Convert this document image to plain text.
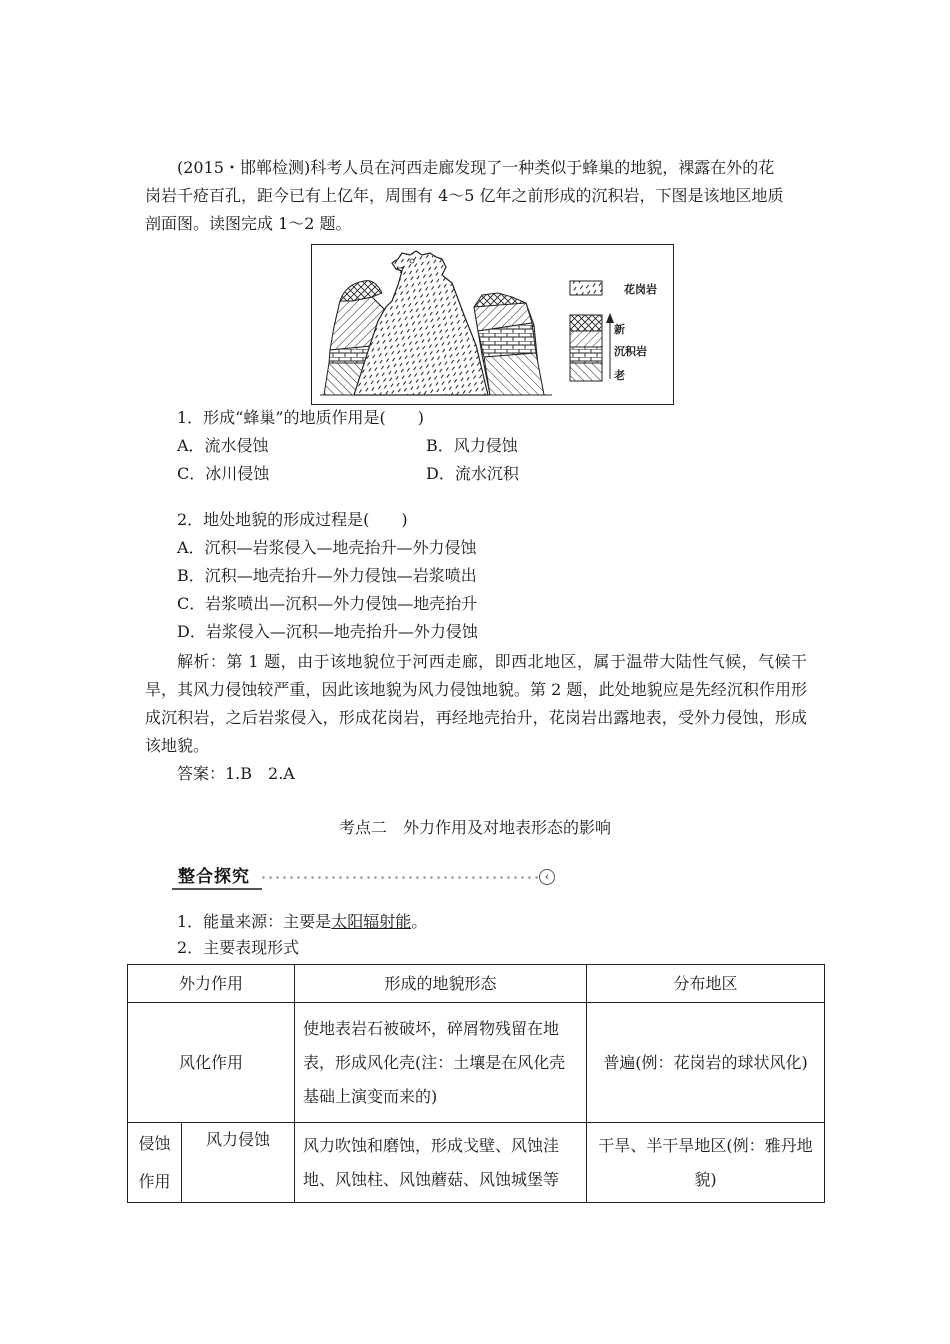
(2015・邯郸检测)科考人员在河西走廊发现了一种类似于蜂巢的地貌，裸露在外的花
岗岩千疮百孔，距今已有上亿年，周围有 4～5 亿年之前形成的沉积岩，下图是该地区地质
剖面图。读图完成 1～2 题。
花岗岩
新
沉积岩
老
1．形成“蜂巢”的地质作用是(　　)
A．流水侵蚀	B．风力侵蚀
C．冰川侵蚀	D．流水沉积
2．地处地貌的形成过程是(　　)
A．沉积—岩浆侵入—地壳抬升—外力侵蚀
B．沉积—地壳抬升—外力侵蚀—岩浆喷出
C．岩浆喷出—沉积—外力侵蚀—地壳抬升
D．岩浆侵入—沉积—地壳抬升—外力侵蚀
解析：第 1 题，由于该地貌位于河西走廊，即西北地区，属于温带大陆性气候，气候干旱，其风力侵蚀较严重，因此该地貌为风力侵蚀地貌。第 2 题，此处地貌应是先经沉积作用形成沉积岩，之后岩浆侵入，形成花岗岩，再经地壳抬升，花岗岩出露地表，受外力侵蚀，形成该地貌。
答案：1.B　2.A
考点二　外力作用及对地表形态的影响
整合探究	‹
1．能量来源：主要是太阳辐射能。
2．主要表现形式
外力作用		形成的地貌形态	分布地区
风化作用		使地表岩石被破坏，碎屑物残留在地表，形成风化壳(注：土壤是在风化壳基础上演变而来的)	普遍(例：花岗岩的球状风化)
侵蚀作用	风力侵蚀	风力吹蚀和磨蚀，形成戈壁、风蚀洼地、风蚀柱、风蚀蘑菇、风蚀城堡等	干旱、半干旱地区(例：雅丹地貌)
